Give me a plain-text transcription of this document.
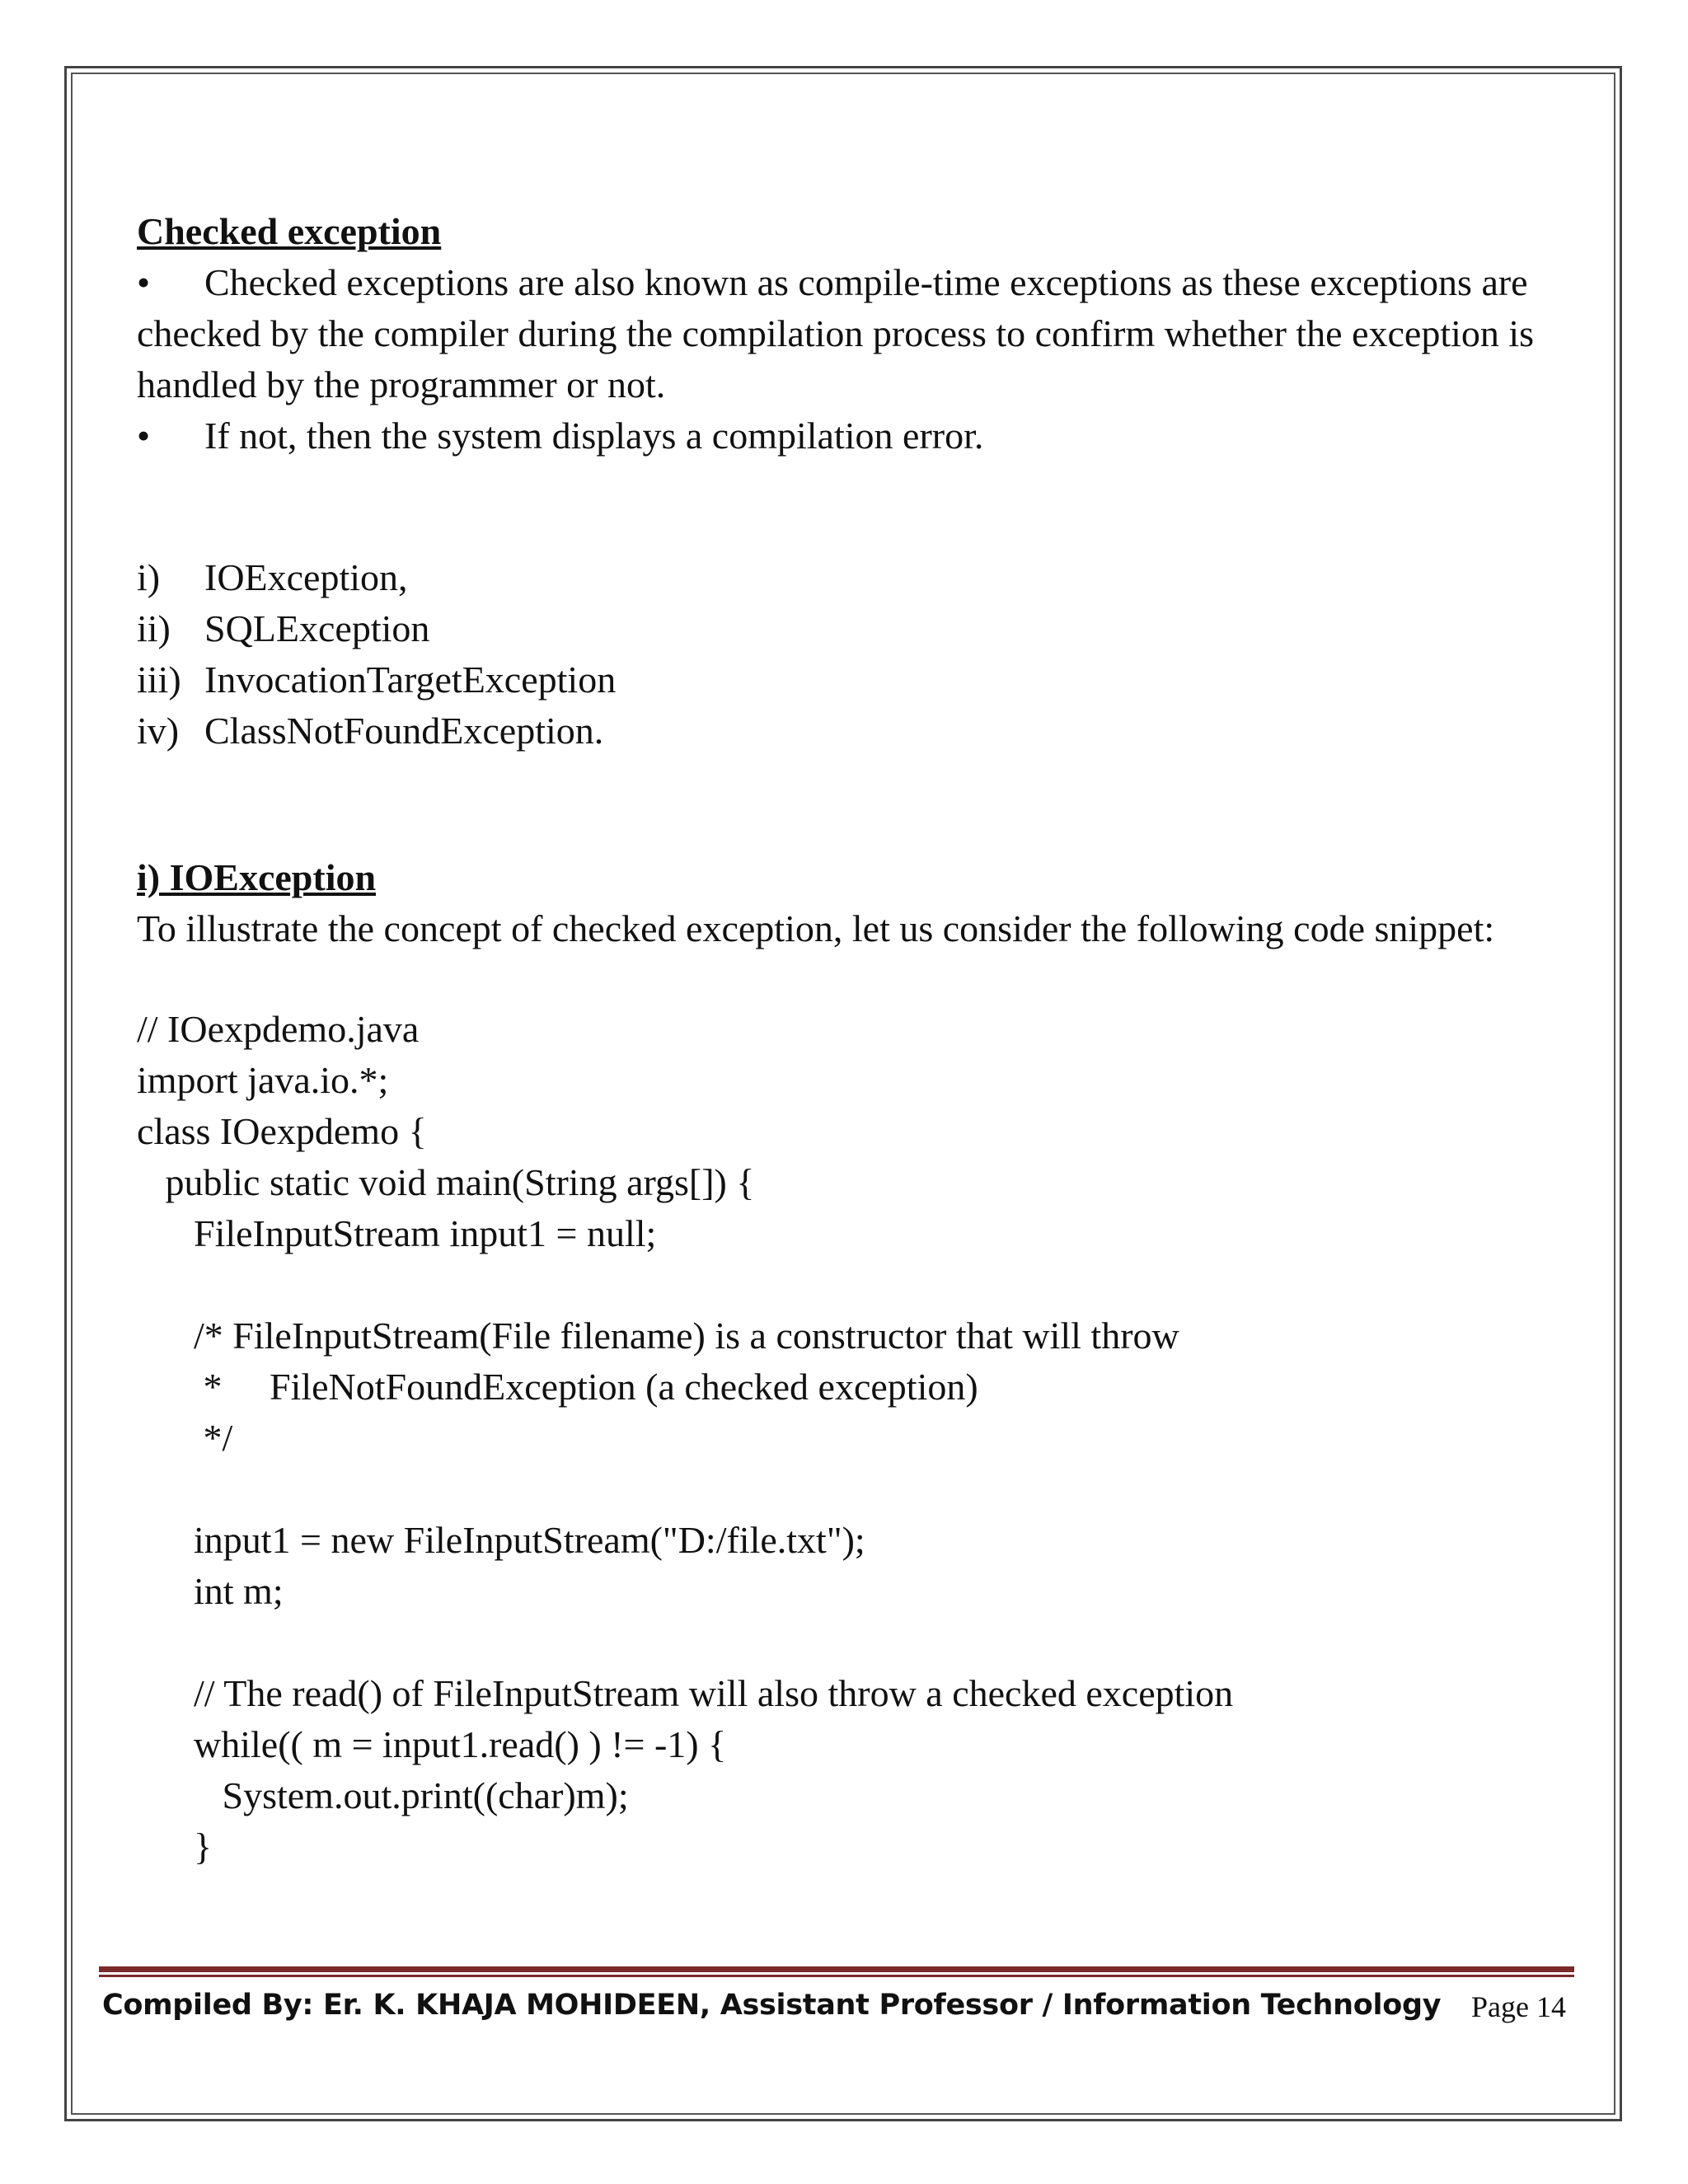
Checked exception

• Checked exceptions are also known as compile-time exceptions as these exceptions are checked by the compiler during the compilation process to confirm whether the exception is handled by the programmer or not.

• If not, then the system displays a compilation error.

i)	IOException,
ii) SQLException
iii) InvocationTargetException
iv) ClassNotFoundException.
i) IOException

To illustrate the concept of checked exception, let us consider the following code snippet:

// IOexpdemo.java
import java.io.*;
class IOexpdemo {
public static void main(String args[]) {
FileInputStream input1 = null;
/* FileInputStream(File filename) is a constructor that will throw
*     FileNotFoundException (a checked exception)
*/
input1 = new FileInputStream("D:/file.txt");
int m;
// The read() of FileInputStream will also throw a checked exception
while(( m = input1.read() ) != -1) {
System.out.print((char)m);
}
Compiled By: Er. K. KHAJA MOHIDEEN, Assistant Professor / Information Technology Page 14
